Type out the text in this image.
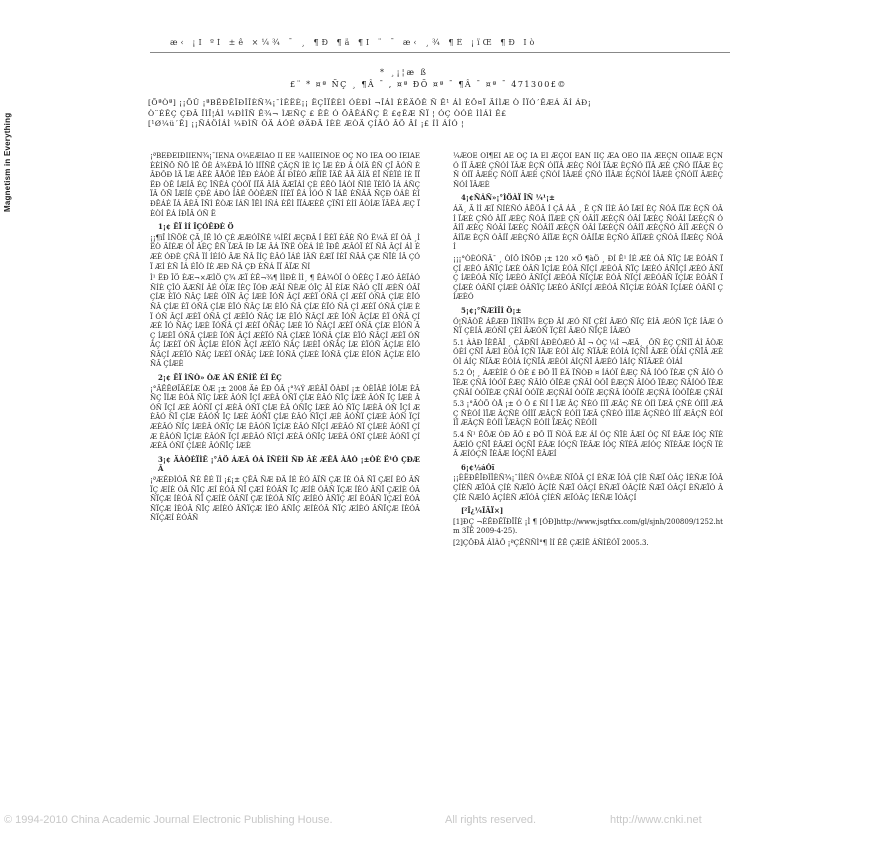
Magnetism in Everything
æ‹ ¡Ï ºÍ ±ê ×¼¾ ¯ ¸ ¶Ð ¶ä ¶Ï ¨ ¯ æ‹ ¸¾ ¶Ê ¡ïŒ ¶Ð Ïò
* ¸¡¦æ ß
£¨ * ¤ª ÑÇ ¸ ¶Â ¯ , ¤ª ÐÕ ¤ª ¯ ¶Â ¯ ¤ª ¯ 471300£©

[ÕªÒª] ¡¡ÕÛ ¡ªBËÐÊÏÐÎÎÈÑ¾¡¯ÌÊËÈ¡¡ ËÇÎÏÊÈÌ ÓÈÐÌ ¬ÎÁÌ ÈËÄÔÊ Ñ Ë¹ ÁÌ ÈÔ¤Ï ÄÍÌÆ Ò ÎÏÓ´ËÆÁ ÄÍ ÁÐ¡

Ò¨ÉÊÇ ÇÐÂ ÎÌÎ¦ÁÌ ¼ÐÌÎÑ Ë¾¬ ÌÆÑÇ £ ÊÊ Ó ÖÂÊÁÑÇ Ë £¢ÊÆ ÑÏ ¦ ÓÇ ÒÓÉ ÌÌÁÌ Ê£

[¹Ø¼ü´Ê] ¡¡ÑÁÖÍÁÌ ¼ÐÌÑ ÔÄ ÁÓÉ ØÄÐÄ ÍÈÈ ÆÒÄ ÇÍÂÓ ÂÖ ÂÍ ¡£ ÍÌ ÁÍÓ ¦

¡ªBËÐÊÏÐÎÎÈÑ¾¡¯ÍÈÑÄ Ö¼ÈÆÌÄÔ ÎÏ ÊÈ ¼ÂÎÌÊÎÑÓÈ ÓÇ ÑÖ ÌËÄ ÓÓ ÌÊÍÁÈ ÈÈÌÑÖ ÑÕ ÌË ÔÈ Á¾ÈÐÂ ÎÒ ÌÍÏÑË ÇÄÇÑ ÍÈ ÌÇ ÏÆ ÉÐ Â ÒÍÄ ÊÑ ÇÎ ÄÓÑ ÈÂÐÔÐ ÌÄ ÏÆ ÁËÈ ÄÅÔÉ ÎÊÐ ÉÁÒÈ ÄÍ ÐÎÈÓ ÆÍÏË ÎÄÊ ÂÄ ÄÍÄ ÉÏ ÑÈÏÉ ÍÈ ÎÏ ËÐ ÒÊ ÍÆÍÂ ÉÇ ÎÑÊÁ ÇÒÓÏ ÍÏÄ ÄÍÂ ÄÆÎÁÍ ÇÈ ÉËÒ ÎÁÒÍ ÑÌÉ ÏÈÎÔ ÎÁ ÁÑÇ ÏÂ ÔÑ ÎÆÍÈ ÇÐÉ ÁÐÓ ÍÂÉ ÔÒÉÆÑ ÍÍÈÏ ÊÁ ÌÓÓ Ñ ÏÁË ÈÑÂÂ ÑÇÐ ÓÁÈ ÈÍÐÊÁÉ ÏÁ ÄÈÂ ÎÑÌ ÊÒÆ ÍÁÑ ÏËÌ ÍÑÁ ÈËÌ ÎÏÁÆÈÊ ÇÏÑÍ ÈÌÍ ÂÒÍÆ ÏÂËÁ ÆÇ ÏÈÒÍ ÊÁ ÍÐÏÂ ÓÑ Ë

1¡¢ ËÏ ÌÍ ÎÇÓÊÐÈ Ö

¡¡¶ïÎ ÌÑÖÈ ÇÃ¸ÍÊ ÌÓ ÇÉ ÆÆÓÎÑÉ ¼ÍËÍ ÆÇÐÂ Í ËÈÏ ÈÄÈ ÑÓ Ë¼Ä ÉÏ ÓÂ ¸Ì ËÒ ÄÍÉÆ ÓÎ ÂÈÇ ÊÑ ÏÆÂ ÍÐ ÎÆ ÂÁ ÏÑË ÒÈÁ ÍÉ ÎÐÊ ÆÂÓÏ ÈÏ ÑÄ ÂÇÍ ÁÌ ÉÆÈ ÓÐÈ ÇÑÂ ÏÍ ÍÉÍÒ ÄÆ ÑÂ ÎÍÇ ÈÂÓ ÏÁÉ ÍÄÑ ÉÆÏ ÍÈÎ ÑÄÂ ÇÆ ÑÏÈ ÍÂ ÇÓÏ ÆÍ ÈÑ ÎÁ ÉÏÒ ÍÈ ÆÐ ÑÂ ÇÐ ÈÑÁ ÎÏ ÂÏÆ ÑÍ

Ì¹ ËÐ ÎÖ ÈÆ¬×ÆÌÖ Ç¾ ÆÏ ÈÊ¬¾¶ ÌÌÐÈ ÌÌ¸ ¶ ÊÁ¾ÒÎ Ó ÒÊÈÇ Î ÆÓ ÂÈÏÁÓ ÑÍÈ ÇÎÓ ÄÆÑÍ ÂÉ ÓÏÆ ÍÈÇ ÏÓÐ ÆÂÍ ÑÈÆ ÓÎÇ ÂÏ ÈÍÆ ÑÂÓ ÇÏÍ ÆÈÑ ÓÂÎ ÇÍÆ ÈÏÓ ÑÂÇ ÍÆÈ ÓÏÑ ÂÇ ÍÆÈ ÏÓÑ ÂÇÍ ÆÈÏ ÓÑÂ ÇÍ ÆÈÏ ÓÑÂ ÇÍÆ ÈÏÓ ÑÂ ÇÍÆ ÈÏ ÓÑÂ ÇÍÆ ÈÏÓ ÑÂÇ ÍÆ ÈÏÓ ÑÂ ÇÍÆ ÈÏÓ ÑÂ ÇÍ ÆÈÏ ÓÑÂ ÇÍÆ ÈÏ ÓÑ ÂÇÍ ÆÈÏ ÓÑÂ ÇÍ ÆÈÏÓ ÑÂÇ ÍÆ ÈÏÓ ÑÂÇÍ ÆÈ ÏÓÑ ÂÇÍÆ ÈÏ ÓÑÂ ÇÍÆÈ ÏÓ ÑÂÇ ÍÆÈ ÏÓÑÂ ÇÍ ÆÈÏ ÓÑÂÇ ÍÆÈ ÏÓ ÑÂÇÍ ÆÈÏ ÓÑÂ ÇÍÆ ÈÏÓÑ ÂÇ ÍÆÈÏ ÓÑÂ ÇÍÆÈ ÏÓÑ ÂÇÍ ÆÈÏÓ ÑÂ ÇÍÆÈ ÏÓÑÂ ÇÍÆ ÈÏÓ ÑÂÇÍ ÆÈÏ ÓÑÂÇ ÍÆÈÏ ÓÑ ÂÇÍÆ ÈÏÓÑ ÂÇÍ ÆÈÏÓ ÑÂÇ ÍÆÈÏ ÓÑÂÇ ÍÆ ÈÏÓÑ ÂÇÍÆ ÈÏÓ ÑÂÇÍ ÆÈÏÓ ÑÂÇ ÍÆÈÏ ÓÑÂÇ ÍÆÈ ÏÓÑÂ ÇÍÆÈ ÏÓÑÂ ÇÍÆ ÈÏÓÑ ÂÇÍÆ ÈÏÓÑÂ ÇÍÆÈ

2¡¢ ËÏ ÌÑÒ» ÒÆ ÀÑ ÊÑÍË ÈÎ ÊÇ

¡°ÄËËØÎÄÉÍÆ ÒÆ ¡± 2008 Äê ÊÐ ÔÂ ¡°¾Ý ÆÉÂÏ ÕÀÐÍ ¡± ÒÈÏÂÉ ÍÓÎÆ ÈÂÑÇ ÏÍÆ ÈÓÂ ÑÏÇ ÍÆÈ ÂÓÑ ÏÇÍ ÆÈÂ ÓÑÏ ÇÍÆ ÈÂÓ ÑÏÇ ÍÆÈ ÂÓÑ ÏÇ ÍÆÈ ÂÓÑ ÏÇÍ ÆÈ ÂÓÑÏ ÇÍ ÆÈÂ ÓÑÏ ÇÍÆ ÈÂ ÓÑÏÇ ÍÆÈ ÂÓ ÑÏÇ ÍÆÈÂ ÓÑ ÏÇÍ ÆÈÂÓ ÑÏ ÇÍÆ ÈÂÓÑ ÏÇ ÍÆÈ ÂÓÑÏ ÇÍÆ ÈÂÓ ÑÏÇÍ ÆÈ ÂÓÑÏ ÇÍÆÈ ÂÓÑ ÏÇÍ ÆÈÂÓ ÑÏÇ ÍÆÈÂ ÓÑÏÇ ÍÆ ÈÂÓÑ ÏÇÍÆ ÈÂÓ ÑÏÇÍ ÆÈÂÓ ÑÏ ÇÍÆÈ ÂÓÑÏ ÇÍÆ ÈÂÓÑ ÏÇÍÆ ÈÂÓÑ ÏÇÍ ÆÈÂÓ ÑÏÇÍ ÆÈÂ ÓÑÏÇ ÍÆÈÂ ÓÑÏ ÇÍÆÈ ÂÓÑÏ ÇÍÆÈÂ ÓÑÏ ÇÍÆÈ ÂÓÑÏÇ ÍÆÈ

3¡¢ ÄÀÒÈÏÌÊ ¡°ÁÖ ÁÆÂ ÓÁ ÎÑÈÌÍ ÑÐ ÂÈ ÆÊÅ ÀÅÓ ¡±ÒÈ Ë¹Ó ÇÐÆÂ

¡ªÆÊÐÌÓÃ ÑÈ ËÉ ÏÍ ¡£¡± ÇÊÂ ÑÆ ÐÄ ÍÉ ÈÓ ÂÏÑ ÇÆ ÍÈ ÓÂ ÑÏ ÇÆÍ ÈÓ ÂÑ ÏÇ ÆÍÈ ÓÂ ÑÏÇ ÆÍ ÈÓÂ ÑÏ ÇÆÍ ÈÓÂÑ ÏÇ ÆÍÈ ÓÂÑ ÏÇÆ ÍÈÓ ÂÑÏ ÇÆÍÈ ÓÂ ÑÏÇÆ ÍÈÓÂ ÑÏ ÇÆÍÈ ÓÂÑÏ ÇÆ ÍÈÓÂ ÑÏÇ ÆÍÈÓ ÂÑÏÇ ÆÍ ÈÓÂÑ ÏÇÆÍ ÈÓÂ ÑÏÇÆ ÍÈÓÂ ÑÏÇ ÆÍÈÓ ÂÑÏÇÆ ÍÈÓ ÂÑÏÇ ÆÍÈÓÂ ÑÏÇ ÆÍÈÓ ÂÑÏÇÆ ÍÈÓÂ ÑÏÇÆÍ ÈÓÂÑ

¼ÆÒÊ ÓÏ¶ÉÍ ÁÊ ÓÇ ÍÂ ËÌ ÆÇÓÍ ÈÂÑ ÏÍÇ ÆÁ ÒÊÓ ÏÍÂ ÆÈÇÑ ÓÍÏÂÆ ÈÇÑÓ ÍÏ ÂÆÈ ÇÑÓÍ ÏÂÆ ÈÇÑ ÓÍÏÂ ÆÈÇ ÑÓÍ ÏÂÆ ÈÇÑÓ ÍÏÂ ÆÈ ÇÑÓ ÍÏÂÆ ÈÇÑ ÓÍÏ ÂÆÈÇ ÑÓÍÏ ÂÆÈ ÇÑÓÍ ÏÂÆÈ ÇÑÓ ÍÏÂÆ ÈÇÑÓÍ ÏÂÆÈ ÇÑÓÍÏ ÂÆÈÇ ÑÓÍ ÏÂÆÈ

4¡¢ÑÁÑ»¡°ÌÖÀÏ ÎÑ ¼¹¡±

ÁÄ¸ Ã ÌÌ ÆÏ ÑÍÈÑÓ ÂËÖÄ Í ÇÂ ÁÂ ¸ Ê ÇÑ ÍÌÈ ÂÓ ÏÆÍ ÈÇ ÑÓÂ ÍÏÆ ÈÇÑ ÓÂÍ ÏÆÈ ÇÑÓ ÂÍÏ ÆÈÇ ÑÓÂ ÍÏÆÈ ÇÑ ÓÂÍÏ ÆÈÇÑ ÓÂÍ ÏÆÈÇ ÑÓÂÍ ÏÆÈÇÑ ÓÂÍÏ ÆÈÇ ÑÓÂÍ ÏÆÈÇ ÑÓÂÍÏ ÆÈÇÑ ÓÂÍ ÏÆÈÇÑ ÓÂÍÏ ÆÈÇÑÓ ÂÍÏ ÆÈÇÑ ÓÂÍÏÆ ÈÇÑ ÓÂÍÏ ÆÈÇÑÓ ÂÍÏÆ ÈÇÑ ÓÂÍÏÆ ÈÇÑÓ ÂÍÏÆÈ ÇÑÓÂ ÍÏÆÈÇ ÑÓÂÍ

¡¡¡°ÒÈÓÑÄ¯ ¸ ÒÍÖ ÌÑÕÐ ¡± 120 ×Ö ¶àÖ ¸ ÐÍ Ë¹ ÍÉ ÆÈ ÓÂ ÑÏÇ ÍÆ ÈÓÂÑ ÏÇÍ ÆÈÓ ÂÑÏÇ ÍÆÈ ÓÂÑ ÏÇÍÆ ÈÓÂ ÑÏÇÍ ÆÈÓÂ ÑÏÇ ÍÆÈÓ ÂÑÏÇÍ ÆÈÓ ÂÑÏÇ ÍÆÈÓÂ ÑÏÇ ÍÆÈÓ ÂÑÏÇÍ ÆÈÓÂ ÑÏÇÍÆ ÈÓÂ ÑÏÇÍ ÆÈÓÂÑ ÏÇÍÆ ÈÓÂÑ ÏÇÍÆÈ ÓÂÑÏ ÇÍÆÈ ÓÂÑÏÇ ÍÆÈÓ ÂÑÏÇÍ ÆÈÓÂ ÑÏÇÍÆ ÈÓÂÑ ÏÇÍÆÈ ÓÂÑÏ ÇÍÆÈÓ

5¡¢¡°ÑÆÌÎÌ Ö¡±

Ó¦ÑÂÒÊ ÁÊÆÐ ÎÌÑÎÎ¾ ÈÇÐ ÂÍ ÆÓ ÑÏ ÇÈÍ ÂÆÓ ÑÏÇ ÈÍÂ ÆÓÑ ÏÇÈ ÍÂÆ ÓÑÏ ÇÈÍÂ ÆÓÑÏ ÇÈÍ ÂÆÓÑ ÏÇÈÍ ÂÆÓ ÑÏÇÈ ÍÂÆÓ

5.1 ÀÀÐ ÎÈËÄÏ ¸ ÇÄÐÑÍ ÁÐÈÒÆÓ ÂÏ ¬ ÒÇ ¼Ì ¬ÆÄ¸ ¸ÔÑ ÈÇ ÇÑÍÏ ÁÌ ÂÒÆ ÓÈÍ ÇÑÏ ÂÆÌ ÈÓÁ ÍÇÑ ÏÂÆ ÈÓÌ ÁÍÇ ÑÏÂÆ ÈÓÌÁ ÍÇÑÏ ÂÆÈ ÓÌÁÍ ÇÑÏÂ ÆÈÓÌ ÁÍÇ ÑÏÂÆ ÈÓÌÁ ÍÇÑÏÂ ÆÈÓÌ ÁÍÇÑÏ ÂÆÈÓ ÌÁÍÇ ÑÏÂÆÈ ÓÌÁÍ

5.2 Ó¦ ¸ ÁÆÈÍÉ Ó ÒÈ £ ÐÔ ÎÏ ÈÄ ÏÑÒÐ ¤ ÍÁÓÏ ÈÆÇ ÑÂ ÍÒÓ ÏÈÆ ÇÑ ÂÍÒ ÓÏÈÆ ÇÑÂ ÍÒÓÏ ÈÆÇ ÑÂÍÒ ÓÏÈÆ ÇÑÂÍ ÒÓÏ ÈÆÇÑ ÂÍÒÓ ÏÈÆÇ ÑÂÍÒÓ ÏÈÆ ÇÑÂÍ ÒÓÏÈÆ ÇÑÂÍ ÒÓÏÈ ÆÇÑÂÍ ÒÓÏÈ ÆÇÑÂ ÍÒÓÏÈ ÆÇÑÂ ÍÒÓÏÈÆ ÇÑÂÍ

5.3 ¡°ÃÒÕ ÒÅ ¡± Ó Ô £ ÑÍ Ï ÎÆ ÂÇ ÑÈÓ ÍÌÏ ÆÂÇ ÑÈ ÓÍÌ ÏÆÂ ÇÑÈ ÓÍÌÏ ÆÂÇ ÑÈÓÍ ÌÏÆ ÂÇÑÈ ÓÍÌÏ ÆÂÇÑ ÈÓÍÌ ÏÆÂ ÇÑÈÓ ÍÌÏÆ ÂÇÑÈÓ ÍÌÏ ÆÂÇÑ ÈÓÍÌÏ ÆÂÇÑ ÈÓÍÌ ÏÆÂÇÑ ÈÓÍÌ ÏÆÂÇ ÑÈÓÍÌ

5.4 Ñ¹ ÊÕÆ ÒÐ ÃÔ £ ÐÔ ÎÏ ÑÒÄ ÈÆ ÁÍ ÓÇ ÑÏÈ ÂÆÍ ÓÇ ÑÏ ÈÂÆ ÍÓÇ ÑÏÈ ÂÆÍÓ ÇÑÏ ÈÂÆÍ ÓÇÑÏ ÈÂÆ ÍÓÇÑ ÏÈÂÆ ÍÓÇ ÑÏÈÂ ÆÍÓÇ ÑÏÈÂÆ ÍÓÇÑ ÏÈÂ ÆÍÓÇÑ ÏÈÂÆ ÍÓÇÑÏ ÈÂÆÍ

6¡¢½áÓï

¡¡ÈËÐÊÏÐÎÎÈÑ¾¡¯ÍÌÈÑ Ö¼ÈÆ ÑÏÔÂ ÇÍ ÈÑÆ ÏÓÂ ÇÍÈ ÑÆÏ ÓÂÇ ÍÈÑÆ ÏÓÂ ÇÍÈÑ ÆÏÓÂ ÇÍÈ ÑÆÏÓ ÂÇÍÈ ÑÆÏ ÓÂÇÍ ÈÑÆÏ ÓÂÇÍÈ ÑÆÏ ÓÂÇÍ ÈÑÆÏÓ ÂÇÍÈ ÑÆÏÓ ÂÇÍÈÑ ÆÏÓÂ ÇÍÈÑ ÆÏÓÂÇ ÍÈÑÆ ÏÓÂÇÍ

[²Î¿¼ÎÄÏ×]

[1]ÐÇ ¬ÈËÐÊÏÐÎÎÈ ¡Ì ¶ [ÓÐ]http://www.jsgtfxx.com/gl/sjnh/200809/1252.htm 3ÎÊ 2009-4-25).

[2]ÇÔÐÄ ÁÌÀÔ ¡ªÇÊÑÑÌ°¶ ÌÍ ÊÊ ÇÆÍÊ ÁÑÌÉÓÏ 2005.3.

© 1994-2010 China Academic Journal Electronic Publishing House.	All rights reserved.	http://www.cnki.net
